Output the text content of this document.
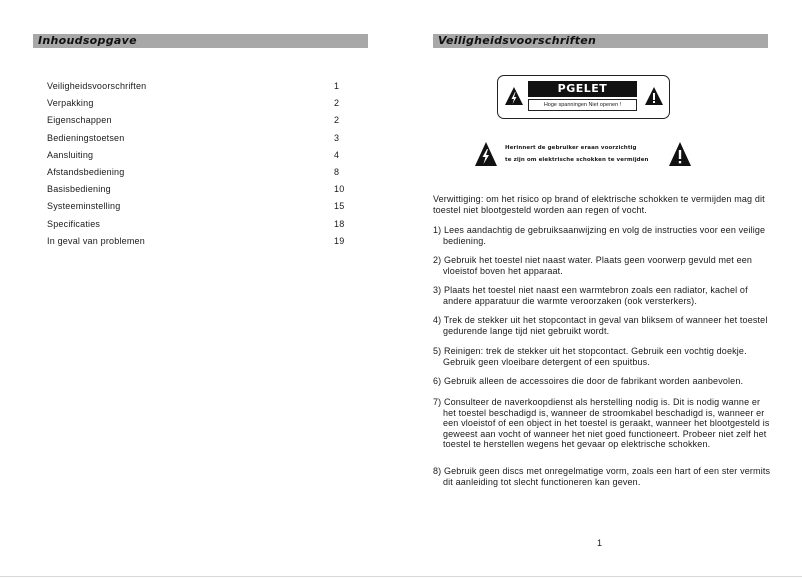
Inhoudsopgave
Veiligheidsvoorschriften	1
Verpakking	2
Eigenschappen	2
Bedieningstoetsen	3
Aansluiting	4
Afstandsbediening	8
Basisbediening	10
Systeeminstelling	15
Specificaties	18
In geval van problemen	19
Veiligheidsvoorschriften
PGELET
Hoge spanningen Niet openen !
Herinnert de gebruiker eraan voorzichtig
te zijn om elektrische schokken te vermijden
Verwittiging: om het risico op brand of elektrische schokken te vermijden mag dit toestel niet blootgesteld worden aan regen of vocht.
1) Lees aandachtig de gebruiksaanwijzing en volg de instructies voor een veilige bediening.
2) Gebruik het toestel niet naast water. Plaats geen voorwerp gevuld met een vloeistof boven het apparaat.
3) Plaats het toestel niet naast een warmtebron zoals een radiator, kachel of andere apparatuur die warmte veroorzaken (ook versterkers).
4) Trek de stekker uit het stopcontact in geval van bliksem of wanneer het toestel gedurende lange tijd niet gebruikt wordt.
5) Reinigen: trek de stekker uit het stopcontact. Gebruik een vochtig doekje. Gebruik geen vloeibare detergent of een spuitbus.
6) Gebruik alleen de accessoires die door de fabrikant worden aanbevolen.
7) Consulteer de naverkoopdienst als herstelling nodig is. Dit is nodig wanne er het toestel beschadigd is, wanneer de stroomkabel beschadigd is, wanneer er een vloeistof of een object in het toestel is geraakt, wanneer het blootgesteld is geweest aan vocht of wanneer het niet goed functioneert. Probeer niet zelf het toestel te herstellen wegens het gevaar op elektrische schokken.
8) Gebruik geen discs met onregelmatige vorm, zoals een hart of een ster vermits dit aanleiding tot slecht functioneren kan geven.
1
